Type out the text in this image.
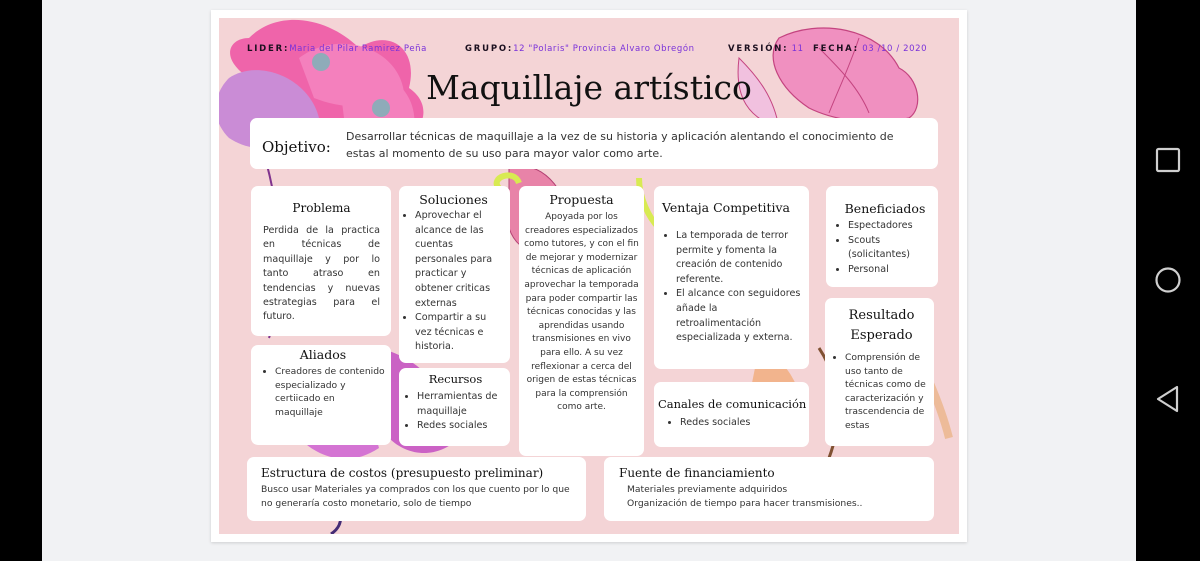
LIDER:Maria del Pilar Ramirez Peña	GRUPO:12 "Polaris" Provincia Alvaro Obregón	VERSIÓN: 11 FECHA: 03 /10 / 2020
Maquillaje artístico
Objetivo:
Desarrollar técnicas de maquillaje a la vez de su historia y aplicación alentando el conocimiento de estas al momento de su uso para mayor valor como arte.
Problema
Perdida de la practica en técnicas de maquillaje y por lo tanto atraso en tendencias y nuevas estrategias para el futuro.
Soluciones
• Aprovechar el alcance de las cuentas personales para practicar y obtener criticas externas
• Compartir a su vez técnicas e historia.
Propuesta
Apoyada por los creadores especializados como tutores, y con el fin de mejorar y modernizar técnicas de aplicación aprovechar la temporada para poder compartir las técnicas conocidas y las aprendidas usando transmisiones en vivo para ello. A su vez reflexionar a cerca del origen de estas técnicas para la comprensión como arte.
Ventaja Competitiva
• La temporada de terror permite y fomenta la creación de contenido referente.
• El alcance con seguidores añade la retroalimentación especializada y externa.
Beneficiados
• Espectadores
• Scouts (solicitantes)
• Personal
Aliados
• Creadores de contenido especializado y certiicado en maquillaje
Recursos
• Herramientas de maquillaje
• Redes sociales
Canales de comunicación
• Redes sociales
Resultado Esperado
• Comprensión de uso tanto de técnicas como de caracterización y trascendencia de estas
Estructura de costos (presupuesto preliminar)
Busco usar Materiales ya comprados con los que cuento por lo que no generaría costo monetario, solo de tiempo
Fuente de financiamiento
Materiales previamente adquiridos
Organización de tiempo para hacer transmisiones..
